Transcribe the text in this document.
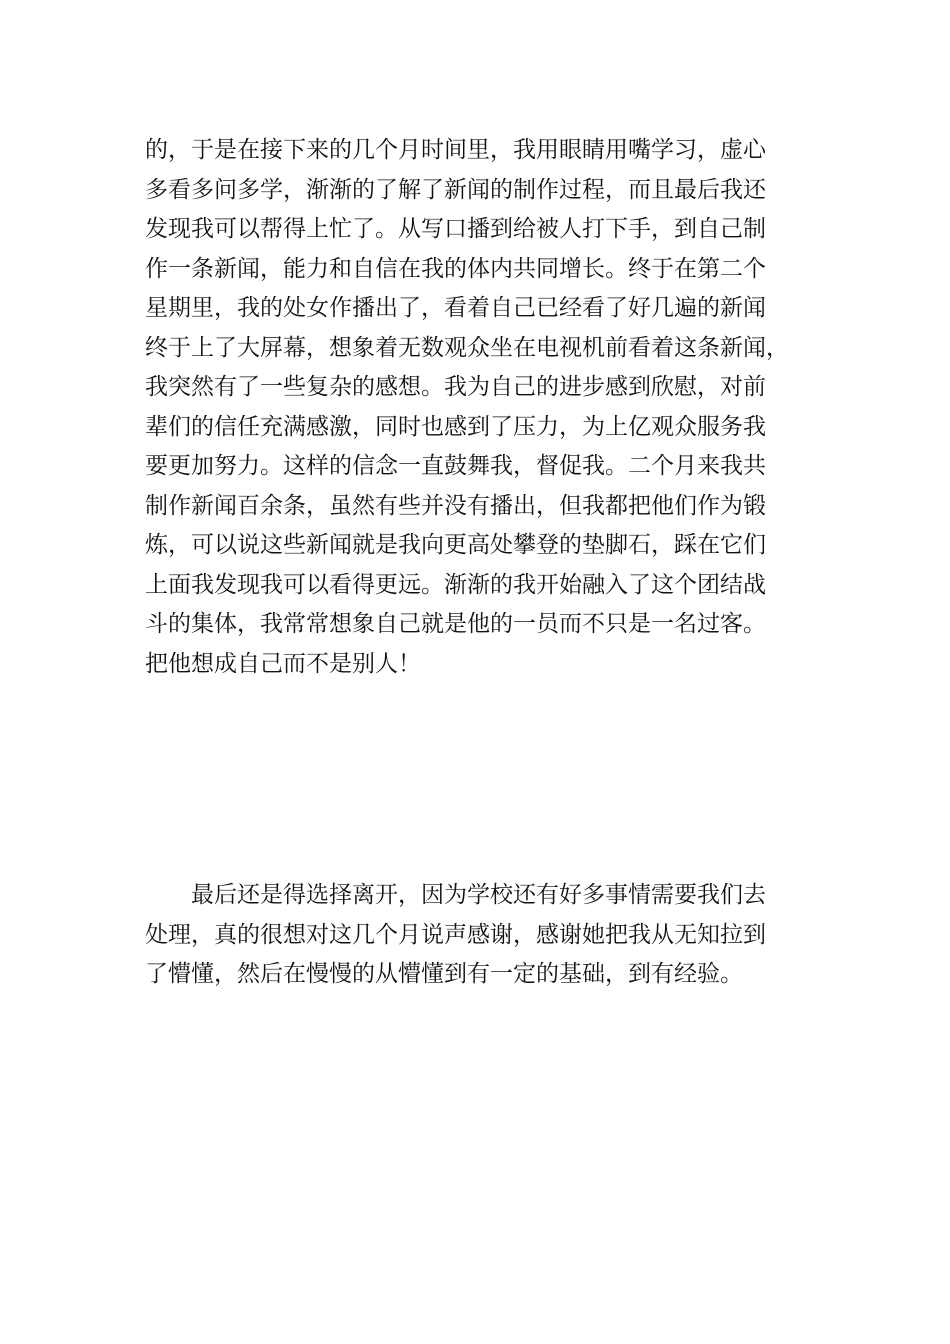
的，于是在接下来的几个月时间里，我用眼睛用嘴学习，虚心
多看多问多学，渐渐的了解了新闻的制作过程，而且最后我还
发现我可以帮得上忙了。从写口播到给被人打下手，到自己制
作一条新闻，能力和自信在我的体内共同增长。终于在第二个
星期里，我的处女作播出了，看着自己已经看了好几遍的新闻
终于上了大屏幕，想象着无数观众坐在电视机前看着这条新闻，
我突然有了一些复杂的感想。我为自己的进步感到欣慰，对前
辈们的信任充满感激，同时也感到了压力，为上亿观众服务我
要更加努力。这样的信念一直鼓舞我，督促我。二个月来我共
制作新闻百余条，虽然有些并没有播出，但我都把他们作为锻
炼，可以说这些新闻就是我向更高处攀登的垫脚石，踩在它们
上面我发现我可以看得更远。渐渐的我开始融入了这个团结战
斗的集体，我常常想象自己就是他的一员而不只是一名过客。
把他想成自己而不是别人！
　　最后还是得选择离开，因为学校还有好多事情需要我们去
处理，真的很想对这几个月说声感谢，感谢她把我从无知拉到
了懵懂，然后在慢慢的从懵懂到有一定的基础，到有经验。
